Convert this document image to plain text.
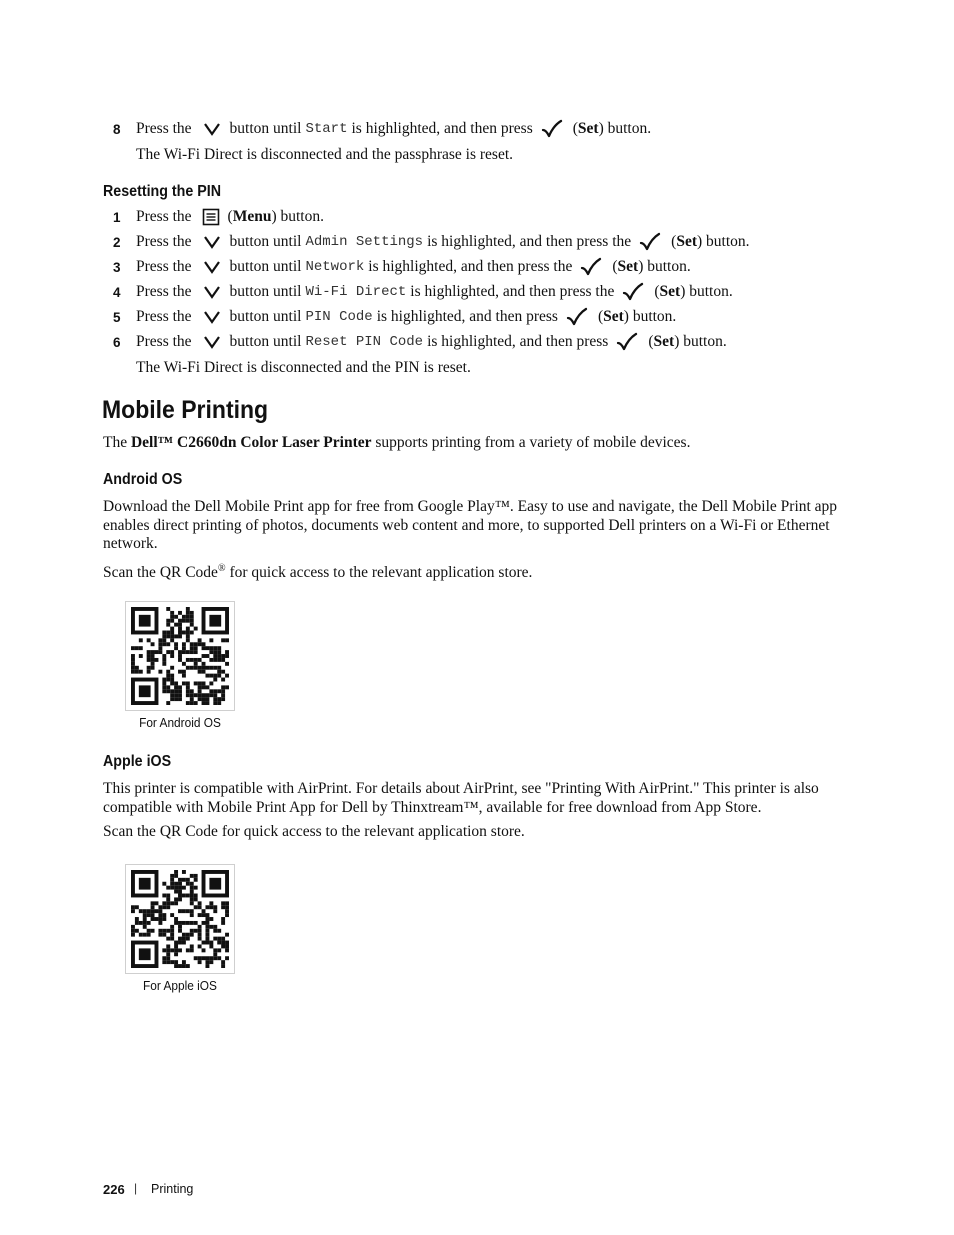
8 Press the button until Start is highlighted, and then press	( Set ) button.
The Wi-Fi Direct is disconnected and the passphrase is reset.
Resetting the PIN
1 Press the ( Menu ) button.
2 Press the button until Admin Settings is highlighted, and then press the	( Set ) button.
3 Press the button until Network is highlighted, and then press the	( Set ) button.
4 Press the button until Wi-Fi Direct is highlighted, and then press the	( Set ) button.
5 Press the button until PIN Code is highlighted, and then press	( Set ) button.
6 Press the button until Reset PIN Code is highlighted, and then press	( Set ) button.
The Wi-Fi Direct is disconnected and the PIN is reset.
Mobile Printing
The Dell™ C2660dn Color Laser Printer supports printing from a variety of mobile devices.
Android OS
Download the Dell Mobile Print app for free from Google Play™. Easy to use and navigate, the Dell Mobile Print app enables direct printing of photos, documents web content and more, to supported Dell printers on a Wi-Fi or Ethernet network.
Scan the QR Code® for quick access to the relevant application store.
For Android OS
Apple iOS
This printer is compatible with AirPrint. For details about AirPrint, see "Printing With AirPrint." This printer is also compatible with Mobile Print App for Dell by Thinxtream™, available for free download from App Store.
Scan the QR Code for quick access to the relevant application store.
For Apple iOS
226 | Printing
